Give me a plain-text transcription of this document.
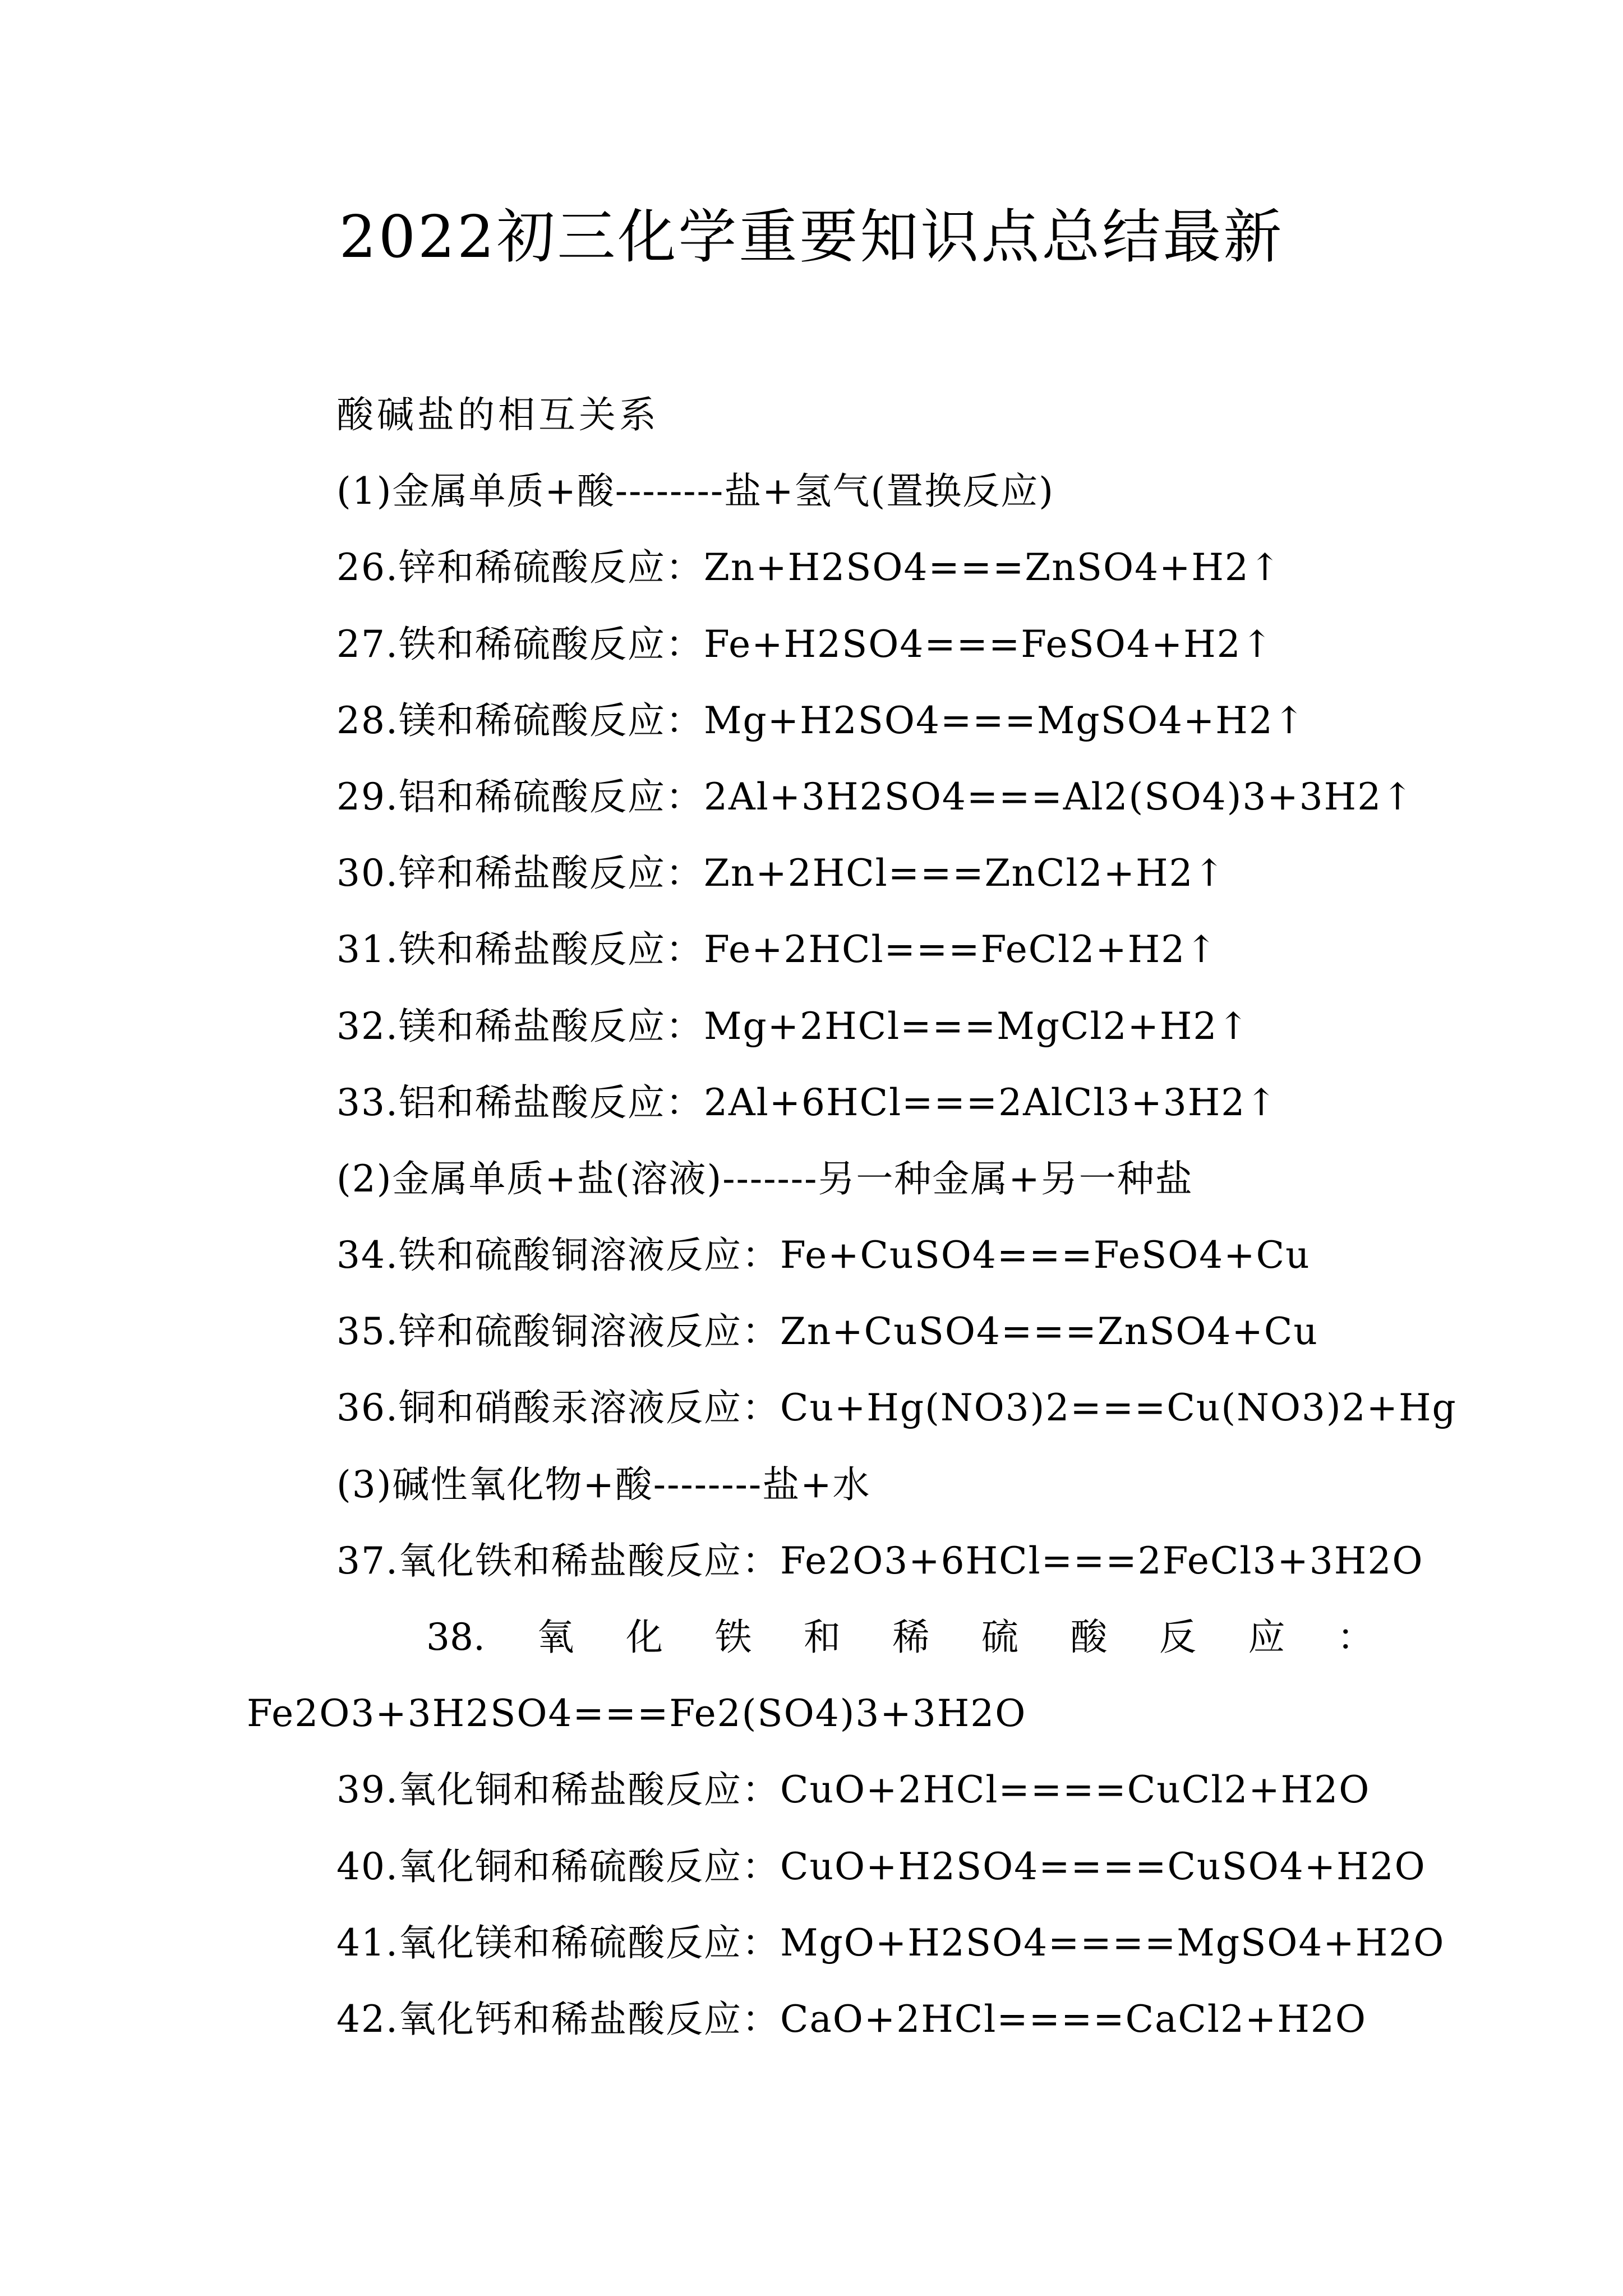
2022初三化学重要知识点总结最新
酸碱盐的相互关系
(1)金属单质+酸--------盐+氢气(置换反应)
26.锌和稀硫酸反应：Zn+H2SO4===ZnSO4+H2↑
27.铁和稀硫酸反应：Fe+H2SO4===FeSO4+H2↑
28.镁和稀硫酸反应：Mg+H2SO4===MgSO4+H2↑
29.铝和稀硫酸反应：2Al+3H2SO4===Al2(SO4)3+3H2↑
30.锌和稀盐酸反应：Zn+2HCl===ZnCl2+H2↑
31.铁和稀盐酸反应：Fe+2HCl===FeCl2+H2↑
32.镁和稀盐酸反应：Mg+2HCl===MgCl2+H2↑
33.铝和稀盐酸反应：2Al+6HCl===2AlCl3+3H2↑
(2)金属单质+盐(溶液)-------另一种金属+另一种盐
34.铁和硫酸铜溶液反应：Fe+CuSO4===FeSO4+Cu
35.锌和硫酸铜溶液反应：Zn+CuSO4===ZnSO4+Cu
36.铜和硝酸汞溶液反应：Cu+Hg(NO3)2===Cu(NO3)2+Hg
(3)碱性氧化物+酸--------盐+水
37.氧化铁和稀盐酸反应：Fe2O3+6HCl===2FeCl3+3H2O
38. 氧 化 铁 和 稀 硫 酸 反 应 ：
Fe2O3+3H2SO4===Fe2(SO4)3+3H2O
39.氧化铜和稀盐酸反应：CuO+2HCl====CuCl2+H2O
40.氧化铜和稀硫酸反应：CuO+H2SO4====CuSO4+H2O
41.氧化镁和稀硫酸反应：MgO+H2SO4====MgSO4+H2O
42.氧化钙和稀盐酸反应：CaO+2HCl====CaCl2+H2O
